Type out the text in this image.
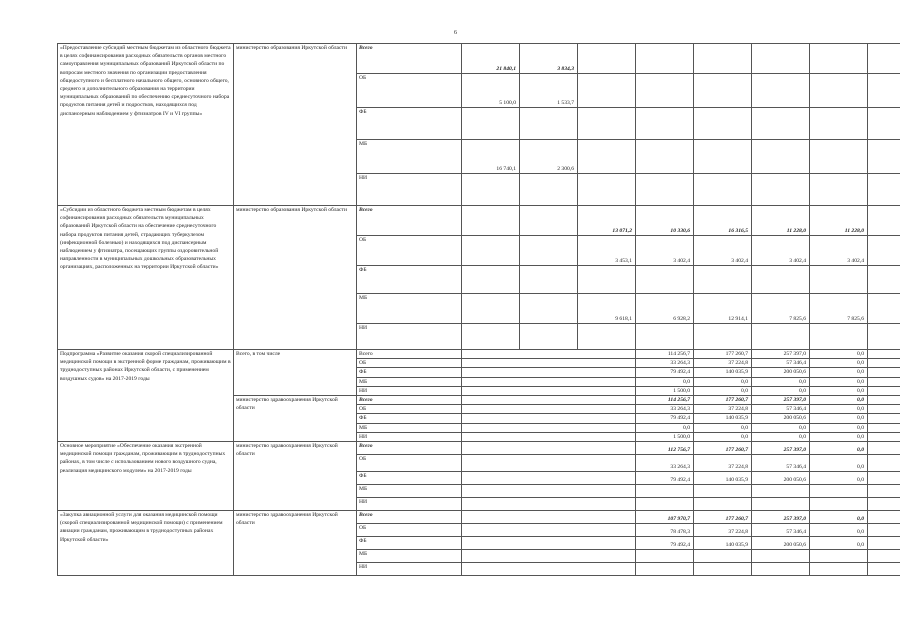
6
«Предоставление субсидий местным бюджетам из областного бюджета в целях софинансирования расходных обязательств органов местного самоуправления муниципальных образований Иркутской области по вопросам местного значения по организации предоставления общедоступного и бесплатного начального общего, основного общего, среднего и дополнительного образования на территории муниципальных образований по обеспечению среднесуточного набора продуктов питания детей и подростков, находящихся под диспансерным наблюдением у фтизиатров IV и VI группы»	министерство образования Иркутской области	Всего	21 840,1	3 834,3						
		ОБ	5 100,0	1 533,7						
		ФБ								
		МБ	16 740,1	2 300,6						
		НИ								
«Субсидии из областного бюджета местным бюджетам в целях софинансирования расходных обязательств муниципальных образований Иркутской области на обеспечение среднесуточного набора продуктов питания детей, страдающих туберкулезом (инфекционной болезнью) и находящихся под диспансерным наблюдением у фтизиатра, посещающих группы оздоровительной направленности в муниципальных дошкольных образовательных организациях, расположенных на территории Иркутской области»	министерство образования Иркутской области	Всего			13 071,2	10 330,6	16 316,5	11 228,0	11 228,0	
		ОБ			3 453,1	3 402,4	3 402,4	3 402,4	3 402,4	
		ФБ								
		МБ			9 618,1	6 928,2	12 914,1	7 825,6	7 825,6	
		НИ								
Подпрограмма «Развитие оказания скорой специализированной медицинской помощи в экстренной форме гражданам, проживающим в труднодоступных районах Иркутской области, с применением воздушных судов» на 2017-2019 годы	Всего, в том числе	Всего				114 256,7	177 260,7	257 397,0	0,0	
		ОБ				33 264,3	37 224,8	57 346,4	0,0	
		ФБ				79 492,4	140 035,9	200 050,6	0,0	
		МБ				0,0	0,0	0,0	0,0	
		НИ				1 500,0	0,0	0,0	0,0	
	министерство здравоохранения Иркутской области	Всего				114 256,7	177 260,7	257 397,0	0,0	
		ОБ				33 264,3	37 224,8	57 346,4	0,0	
		ФБ				79 492,4	140 035,9	200 050,6	0,0	
		МБ				0,0	0,0	0,0	0,0	
		НИ				1 500,0	0,0	0,0	0,0	
Основное мероприятие «Обеспечение оказания экстренной медицинской помощи гражданам, проживающим в труднодоступных районах, в том числе с использованием нового воздушного судна, реализация медицинского модулем» на 2017-2019 годы	министерство здравоохранения Иркутской области	Всего				112 756,7	177 260,7	257 397,0	0,0	
		ОБ				33 264,3	37 224,8	57 346,4	0,0	
		ФБ				79 492,4	140 035,9	200 050,6	0,0	
		МБ								
		НИ								
«Закупка авиационной услуги для оказания медицинской помощи (скорой специализированной медицинской помощи) с применением авиации гражданам, проживающим в труднодоступных районах Иркутской области»	министерство здравоохранения Иркутской области	Всего				107 970,7	177 260,7	257 397,0	0,0	
		ОБ				78 478,3	37 224,8	57 346,4	0,0	
		ФБ				79 492,4	140 035,9	200 050,6	0,0	
		МБ								
		НИ								
